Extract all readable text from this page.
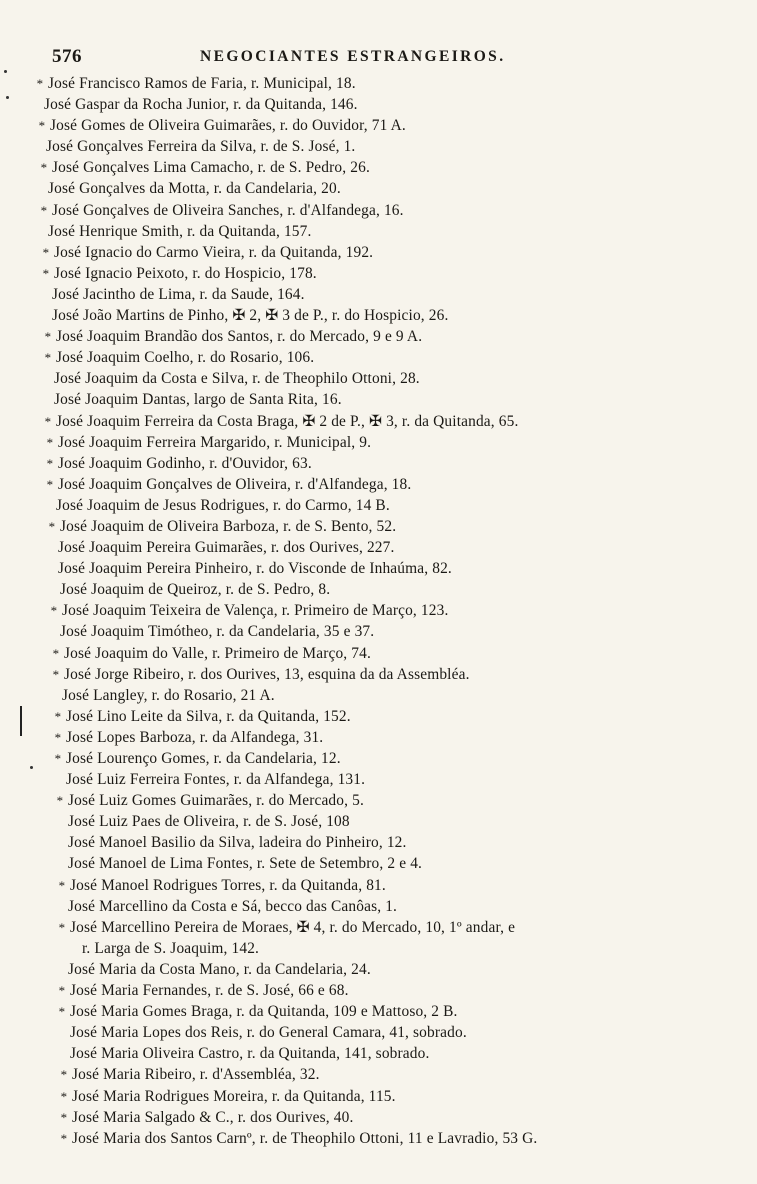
576	NEGOCIANTES ESTRANGEIROS.
* José Francisco Ramos de Faria, r. Municipal, 18.
José Gaspar da Rocha Junior, r. da Quitanda, 146.
* José Gomes de Oliveira Guimarães, r. do Ouvidor, 71 A.
José Gonçalves Ferreira da Silva, r. de S. José, 1.
* José Gonçalves Lima Camacho, r. de S. Pedro, 26.
José Gonçalves da Motta, r. da Candelaria, 20.
* José Gonçalves de Oliveira Sanches, r. d'Alfandega, 16.
José Henrique Smith, r. da Quitanda, 157.
* José Ignacio do Carmo Vieira, r. da Quitanda, 192.
* José Ignacio Peixoto, r. do Hospicio, 178.
José Jacintho de Lima, r. da Saude, 164.
José João Martins de Pinho, ✠ 2, ✠ 3 de P., r. do Hospicio, 26.
* José Joaquim Brandão dos Santos, r. do Mercado, 9 e 9 A.
* José Joaquim Coelho, r. do Rosario, 106.
José Joaquim da Costa e Silva, r. de Theophilo Ottoni, 28.
José Joaquim Dantas, largo de Santa Rita, 16.
* José Joaquim Ferreira da Costa Braga, ✠ 2 de P., ✠ 3, r. da Quitanda, 65.
* José Joaquim Ferreira Margarido, r. Municipal, 9.
* José Joaquim Godinho, r. d'Ouvidor, 63.
* José Joaquim Gonçalves de Oliveira, r. d'Alfandega, 18.
José Joaquim de Jesus Rodrigues, r. do Carmo, 14 B.
* José Joaquim de Oliveira Barboza, r. de S. Bento, 52.
José Joaquim Pereira Guimarães, r. dos Ourives, 227.
José Joaquim Pereira Pinheiro, r. do Visconde de Inhaúma, 82.
José Joaquim de Queiroz, r. de S. Pedro, 8.
* José Joaquim Teixeira de Valença, r. Primeiro de Março, 123.
José Joaquim Timótheo, r. da Candelaria, 35 e 37.
* José Joaquim do Valle, r. Primeiro de Março, 74.
* José Jorge Ribeiro, r. dos Ourives, 13, esquina da da Assembléa.
José Langley, r. do Rosario, 21 A.
* José Lino Leite da Silva, r. da Quitanda, 152.
* José Lopes Barboza, r. da Alfandega, 31.
* José Lourenço Gomes, r. da Candelaria, 12.
José Luiz Ferreira Fontes, r. da Alfandega, 131.
* José Luiz Gomes Guimarães, r. do Mercado, 5.
José Luiz Paes de Oliveira, r. de S. José, 108
José Manoel Basilio da Silva, ladeira do Pinheiro, 12.
José Manoel de Lima Fontes, r. Sete de Setembro, 2 e 4.
* José Manoel Rodrigues Torres, r. da Quitanda, 81.
José Marcellino da Costa e Sá, becco das Canôas, 1.
* José Marcellino Pereira de Moraes, ✠ 4, r. do Mercado, 10, 1º andar, e
r. Larga de S. Joaquim, 142.
José Maria da Costa Mano, r. da Candelaria, 24.
* José Maria Fernandes, r. de S. José, 66 e 68.
* José Maria Gomes Braga, r. da Quitanda, 109 e Mattoso, 2 B.
José Maria Lopes dos Reis, r. do General Camara, 41, sobrado.
José Maria Oliveira Castro, r. da Quitanda, 141, sobrado.
* José Maria Ribeiro, r. d'Assembléa, 32.
* José Maria Rodrigues Moreira, r. da Quitanda, 115.
* José Maria Salgado & C., r. dos Ourives, 40.
* José Maria dos Santos Carnº, r. de Theophilo Ottoni, 11 e Lavradio, 53 G.
